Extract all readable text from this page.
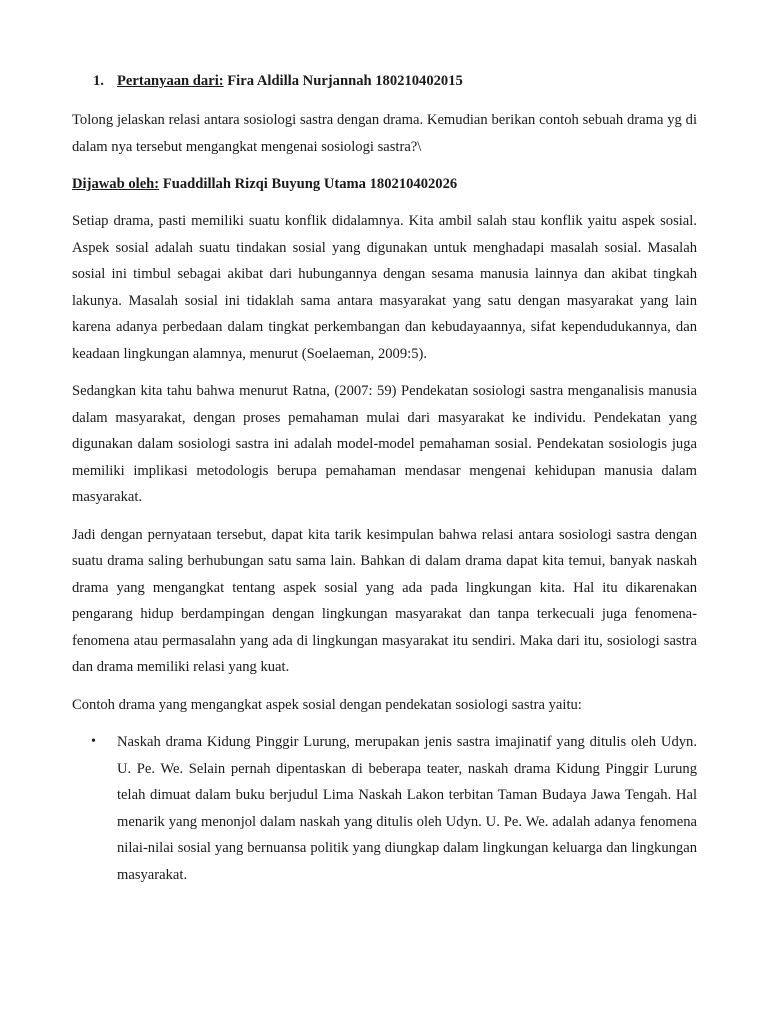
1. Pertanyaan dari: Fira Aldilla Nurjannah 180210402015

Tolong jelaskan relasi antara sosiologi sastra dengan drama. Kemudian berikan contoh sebuah drama yg di dalam nya tersebut mengangkat mengenai sosiologi sastra?\

Dijawab oleh: Fuaddillah Rizqi Buyung Utama 180210402026

Setiap drama, pasti memiliki suatu konflik didalamnya. Kita ambil salah stau konflik yaitu aspek sosial. Aspek sosial adalah suatu tindakan sosial yang digunakan untuk menghadapi masalah sosial. Masalah sosial ini timbul sebagai akibat dari hubungannya dengan sesama manusia lainnya dan akibat tingkah lakunya. Masalah sosial ini tidaklah sama antara masyarakat yang satu dengan masyarakat yang lain karena adanya perbedaan dalam tingkat perkembangan dan kebudayaannya, sifat kependudukannya, dan keadaan lingkungan alamnya, menurut (Soelaeman, 2009:5).

Sedangkan kita tahu bahwa menurut Ratna, (2007: 59) Pendekatan sosiologi sastra menganalisis manusia dalam masyarakat, dengan proses pemahaman mulai dari masyarakat ke individu. Pendekatan yang digunakan dalam sosiologi sastra ini adalah model-model pemahaman sosial. Pendekatan sosiologis juga memiliki implikasi metodologis berupa pemahaman mendasar mengenai kehidupan manusia dalam masyarakat.

Jadi dengan pernyataan tersebut, dapat kita tarik kesimpulan bahwa relasi antara sosiologi sastra dengan suatu drama saling berhubungan satu sama lain. Bahkan di dalam drama dapat kita temui, banyak naskah drama yang mengangkat tentang aspek sosial yang ada pada lingkungan kita. Hal itu dikarenakan pengarang hidup berdampingan dengan lingkungan masyarakat dan tanpa terkecuali juga fenomena-fenomena atau permasalahn yang ada di lingkungan masyarakat itu sendiri. Maka dari itu, sosiologi sastra dan drama memiliki relasi yang kuat.

Contoh drama yang mengangkat aspek sosial dengan pendekatan sosiologi sastra yaitu:

•	Naskah drama Kidung Pinggir Lurung, merupakan jenis sastra imajinatif yang ditulis oleh Udyn. U. Pe. We. Selain pernah dipentaskan di beberapa teater, naskah drama Kidung Pinggir Lurung telah dimuat dalam buku berjudul Lima Naskah Lakon terbitan Taman Budaya Jawa Tengah. Hal menarik yang menonjol dalam naskah yang ditulis oleh Udyn. U. Pe. We. adalah adanya fenomena nilai-nilai sosial yang bernuansa politik yang diungkap dalam lingkungan keluarga dan lingkungan masyarakat.
